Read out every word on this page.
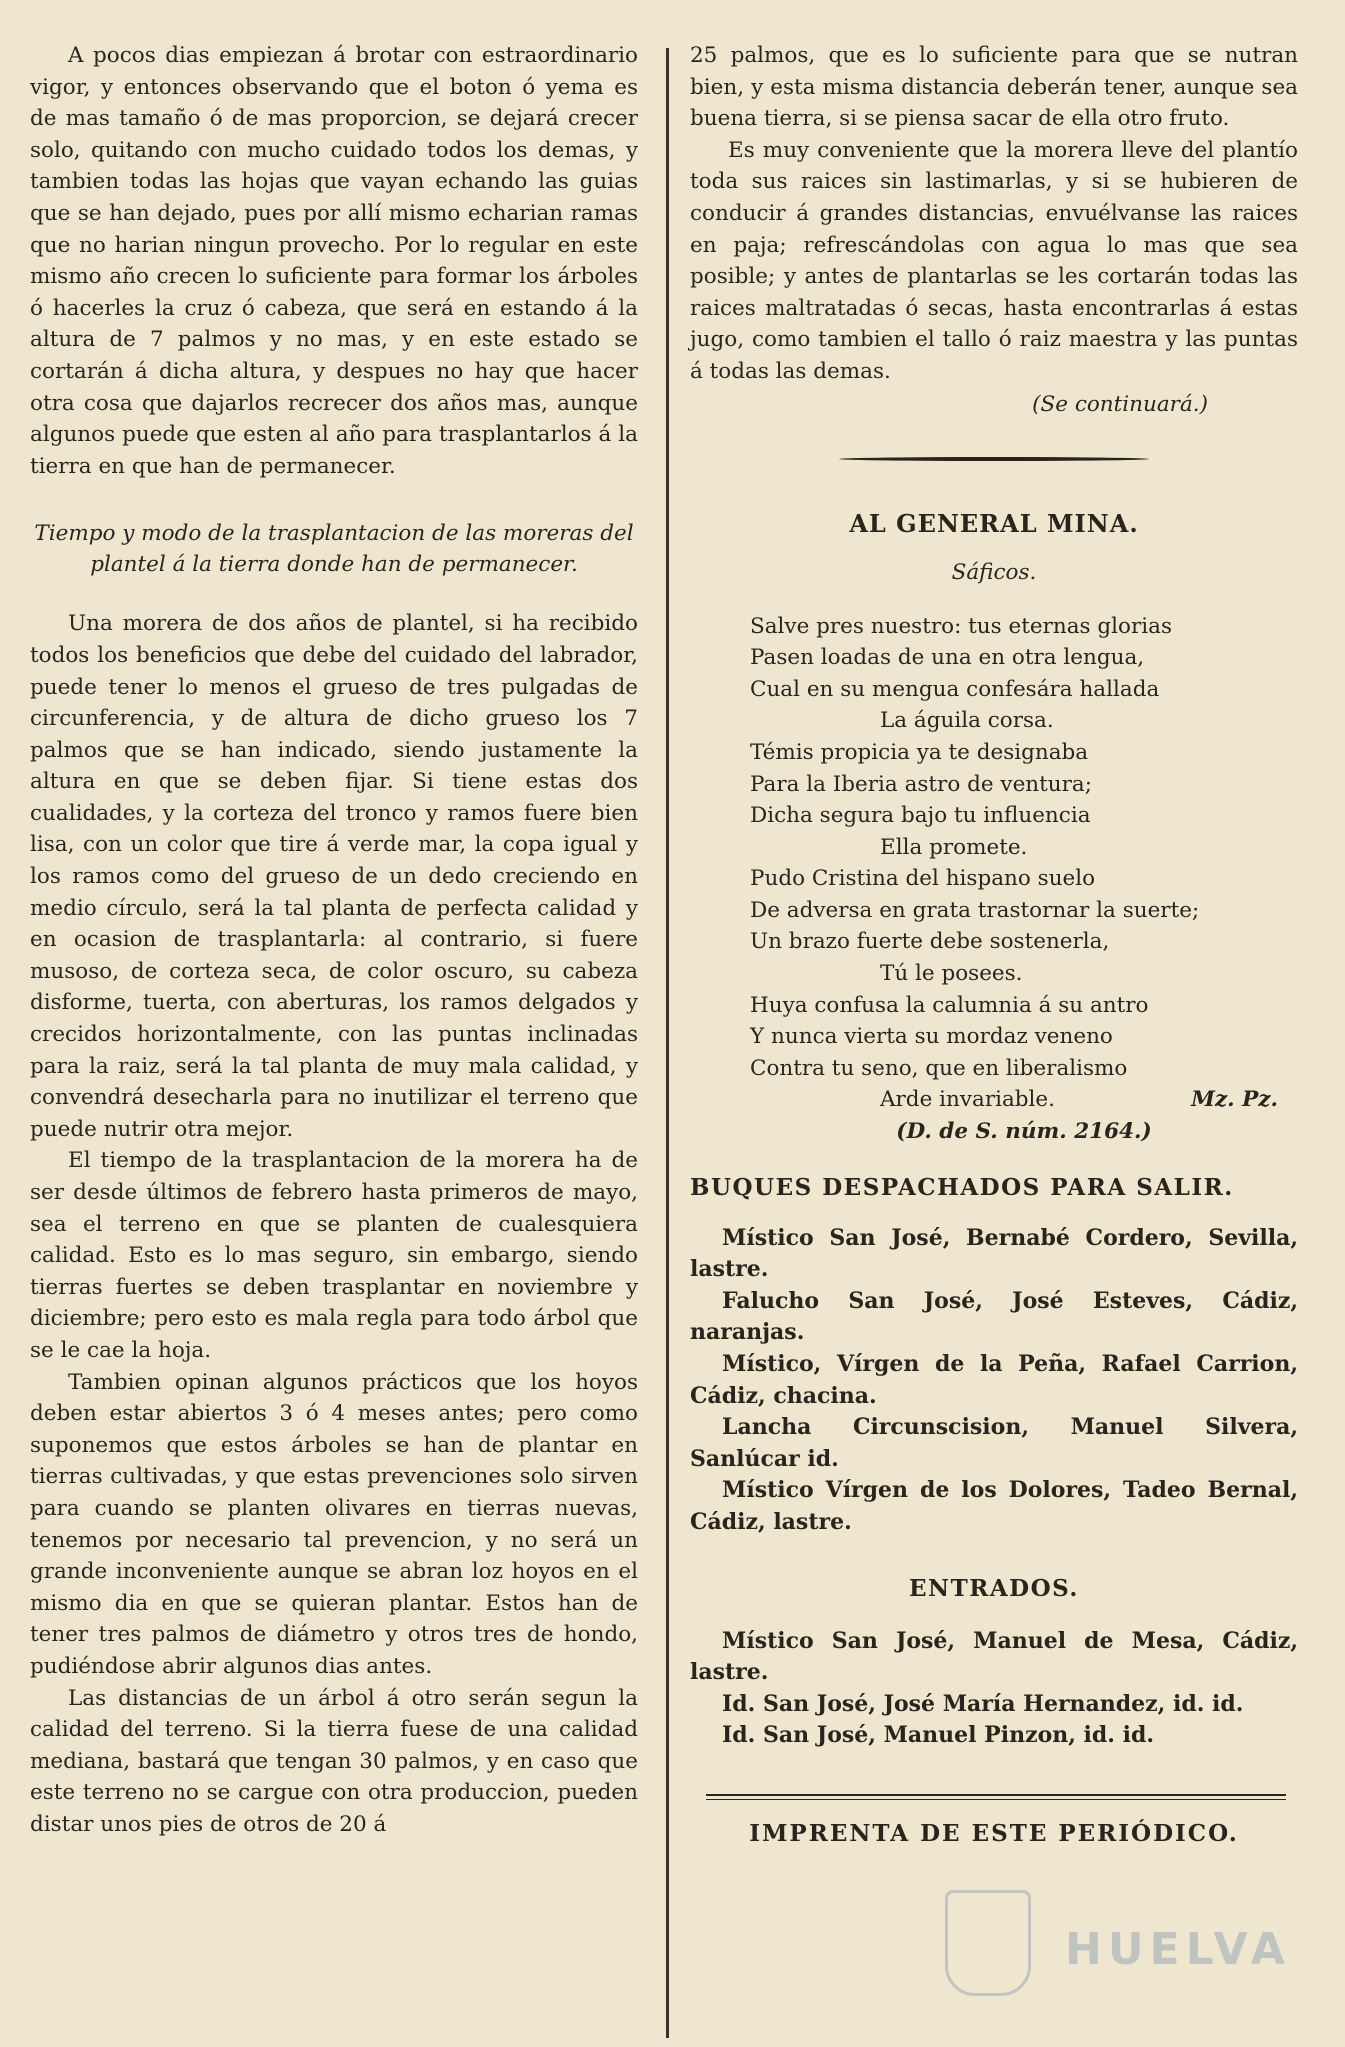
A pocos dias empiezan á brotar con estraordinario vigor, y entonces observando que el boton ó yema es de mas tamaño ó de mas proporcion, se dejará crecer solo, quitando con mucho cuidado todos los demas, y tambien todas las hojas que vayan echando las guias que se han dejado, pues por allí mismo echarian ramas que no harian ningun provecho. Por lo regular en este mismo año crecen lo suficiente para formar los árboles ó hacerles la cruz ó cabeza, que será en estando á la altura de 7 palmos y no mas, y en este estado se cortarán á dicha altura, y despues no hay que hacer otra cosa que dajarlos recrecer dos años mas, aunque algunos puede que esten al año para trasplantarlos á la tierra en que han de permanecer.

Tiempo y modo de la trasplantacion de las moreras del plantel á la tierra donde han de permanecer.

Una morera de dos años de plantel, si ha recibido todos los beneficios que debe del cuidado del labrador, puede tener lo menos el grueso de tres pulgadas de circunferencia, y de altura de dicho grueso los 7 palmos que se han indicado, siendo justamente la altura en que se deben fijar. Si tiene estas dos cualidades, y la corteza del tronco y ramos fuere bien lisa, con un color que tire á verde mar, la copa igual y los ramos como del grueso de un dedo creciendo en medio círculo, será la tal planta de perfecta calidad y en ocasion de trasplantarla: al contrario, si fuere musoso, de corteza seca, de color oscuro, su cabeza disforme, tuerta, con aberturas, los ramos delgados y crecidos horizontalmente, con las puntas inclinadas para la raiz, será la tal planta de muy mala calidad, y convendrá desecharla para no inutilizar el terreno que puede nutrir otra mejor.

El tiempo de la trasplantacion de la morera ha de ser desde últimos de febrero hasta primeros de mayo, sea el terreno en que se planten de cualesquiera calidad. Esto es lo mas seguro, sin embargo, siendo tierras fuertes se deben trasplantar en noviembre y diciembre; pero esto es mala regla para todo árbol que se le cae la hoja.

Tambien opinan algunos prácticos que los hoyos deben estar abiertos 3 ó 4 meses antes; pero como suponemos que estos árboles se han de plantar en tierras cultivadas, y que estas prevenciones solo sirven para cuando se planten olivares en tierras nuevas, tenemos por necesario tal prevencion, y no será un grande inconveniente aunque se abran loz hoyos en el mismo dia en que se quieran plantar. Estos han de tener tres palmos de diámetro y otros tres de hondo, pudiéndose abrir algunos dias antes.

Las distancias de un árbol á otro serán segun la calidad del terreno. Si la tierra fuese de una calidad mediana, bastará que tengan 30 palmos, y en caso que este terreno no se cargue con otra produccion, pueden distar unos pies de otros de 20 á

25 palmos, que es lo suficiente para que se nutran bien, y esta misma distancia deberán tener, aunque sea buena tierra, si se piensa sacar de ella otro fruto.

Es muy conveniente que la morera lleve del plantío toda sus raices sin lastimarlas, y si se hubieren de conducir á grandes distancias, envuélvanse las raices en paja; refrescándolas con agua lo mas que sea posible; y antes de plantarlas se les cortarán todas las raices maltratadas ó secas, hasta encontrarlas á estas jugo, como tambien el tallo ó raiz maestra y las puntas á todas las demas.

(Se continuará.)

AL GENERAL MINA.

Sáficos.

Salve pres nuestro: tus eternas glorias
Pasen loadas de una en otra lengua,
Cual en su mengua confesára hallada
La águila corsa.
Témis propicia ya te designaba
Para la Iberia astro de ventura;
Dicha segura bajo tu influencia
Ella promete.
Pudo Cristina del hispano suelo
De adversa en grata trastornar la suerte;
Un brazo fuerte debe sostenerla,
Tú le posees.
Huya confusa la calumnia á su antro
Y nunca vierta su mordaz veneno
Contra tu seno, que en liberalismo
Arde invariable.	Mz. Pz.

(D. de S. núm. 2164.)

BUQUES DESPACHADOS PARA SALIR.

Místico San José, Bernabé Cordero, Sevilla, lastre.

Falucho San José, José Esteves, Cádiz, naranjas.

Místico, Vírgen de la Peña, Rafael Carrion, Cádiz, chacina.

Lancha Circunscision, Manuel Silvera, Sanlúcar id.

Místico Vírgen de los Dolores, Tadeo Bernal, Cádiz, lastre.

ENTRADOS.

Místico San José, Manuel de Mesa, Cádiz, lastre.

Id. San José, José María Hernandez, id. id.

Id. San José, Manuel Pinzon, id. id.

IMPRENTA DE ESTE PERIÓDICO.

HUELVA
